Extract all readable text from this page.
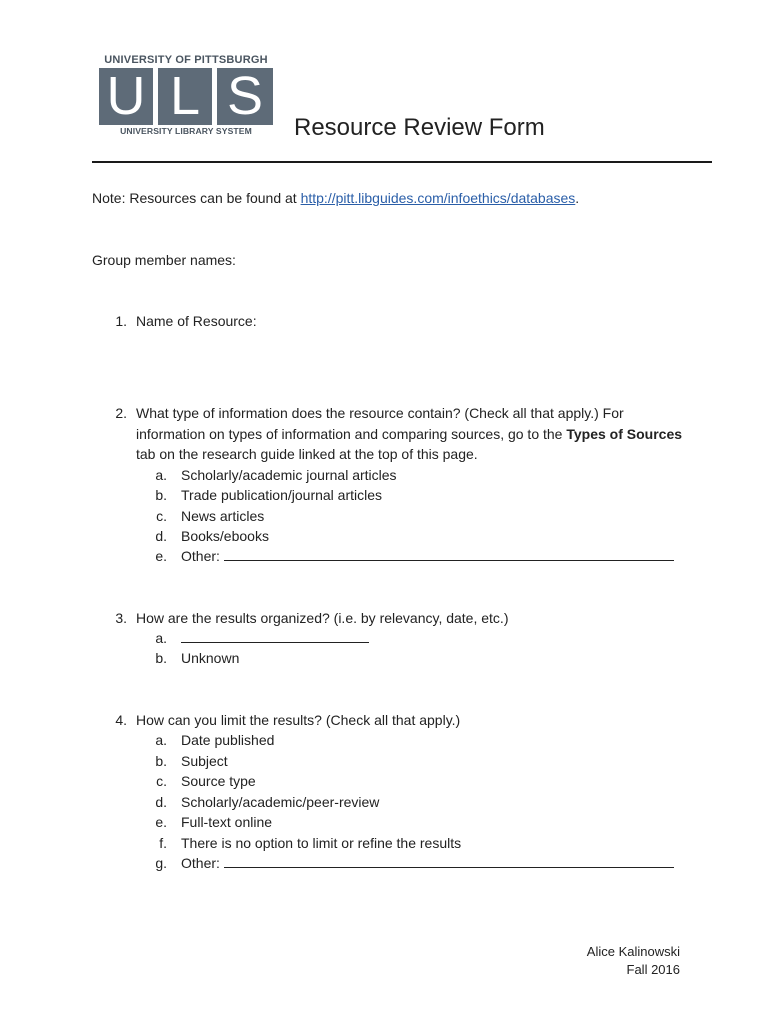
UNIVERSITY OF PITTSBURGH
U L S
UNIVERSITY LIBRARY SYSTEM	Resource Review Form
Note: Resources can be found at http://pitt.libguides.com/infoethics/databases.
Group member names:
1. Name of Resource:
2. What type of information does the resource contain? (Check all that apply.) For
information on types of information and comparing sources, go to the Types of Sources
tab on the research guide linked at the top of this page.
a. Scholarly/academic journal articles
b. Trade publication/journal articles
c. News articles
d. Books/ebooks
e. Other:
3. How are the results organized? (i.e. by relevancy, date, etc.)
a.
b. Unknown
4. How can you limit the results? (Check all that apply.)
a. Date published
b. Subject
c. Source type
d. Scholarly/academic/peer-review
e. Full-text online
f. There is no option to limit or refine the results
g. Other:
Alice Kalinowski
Fall 2016
